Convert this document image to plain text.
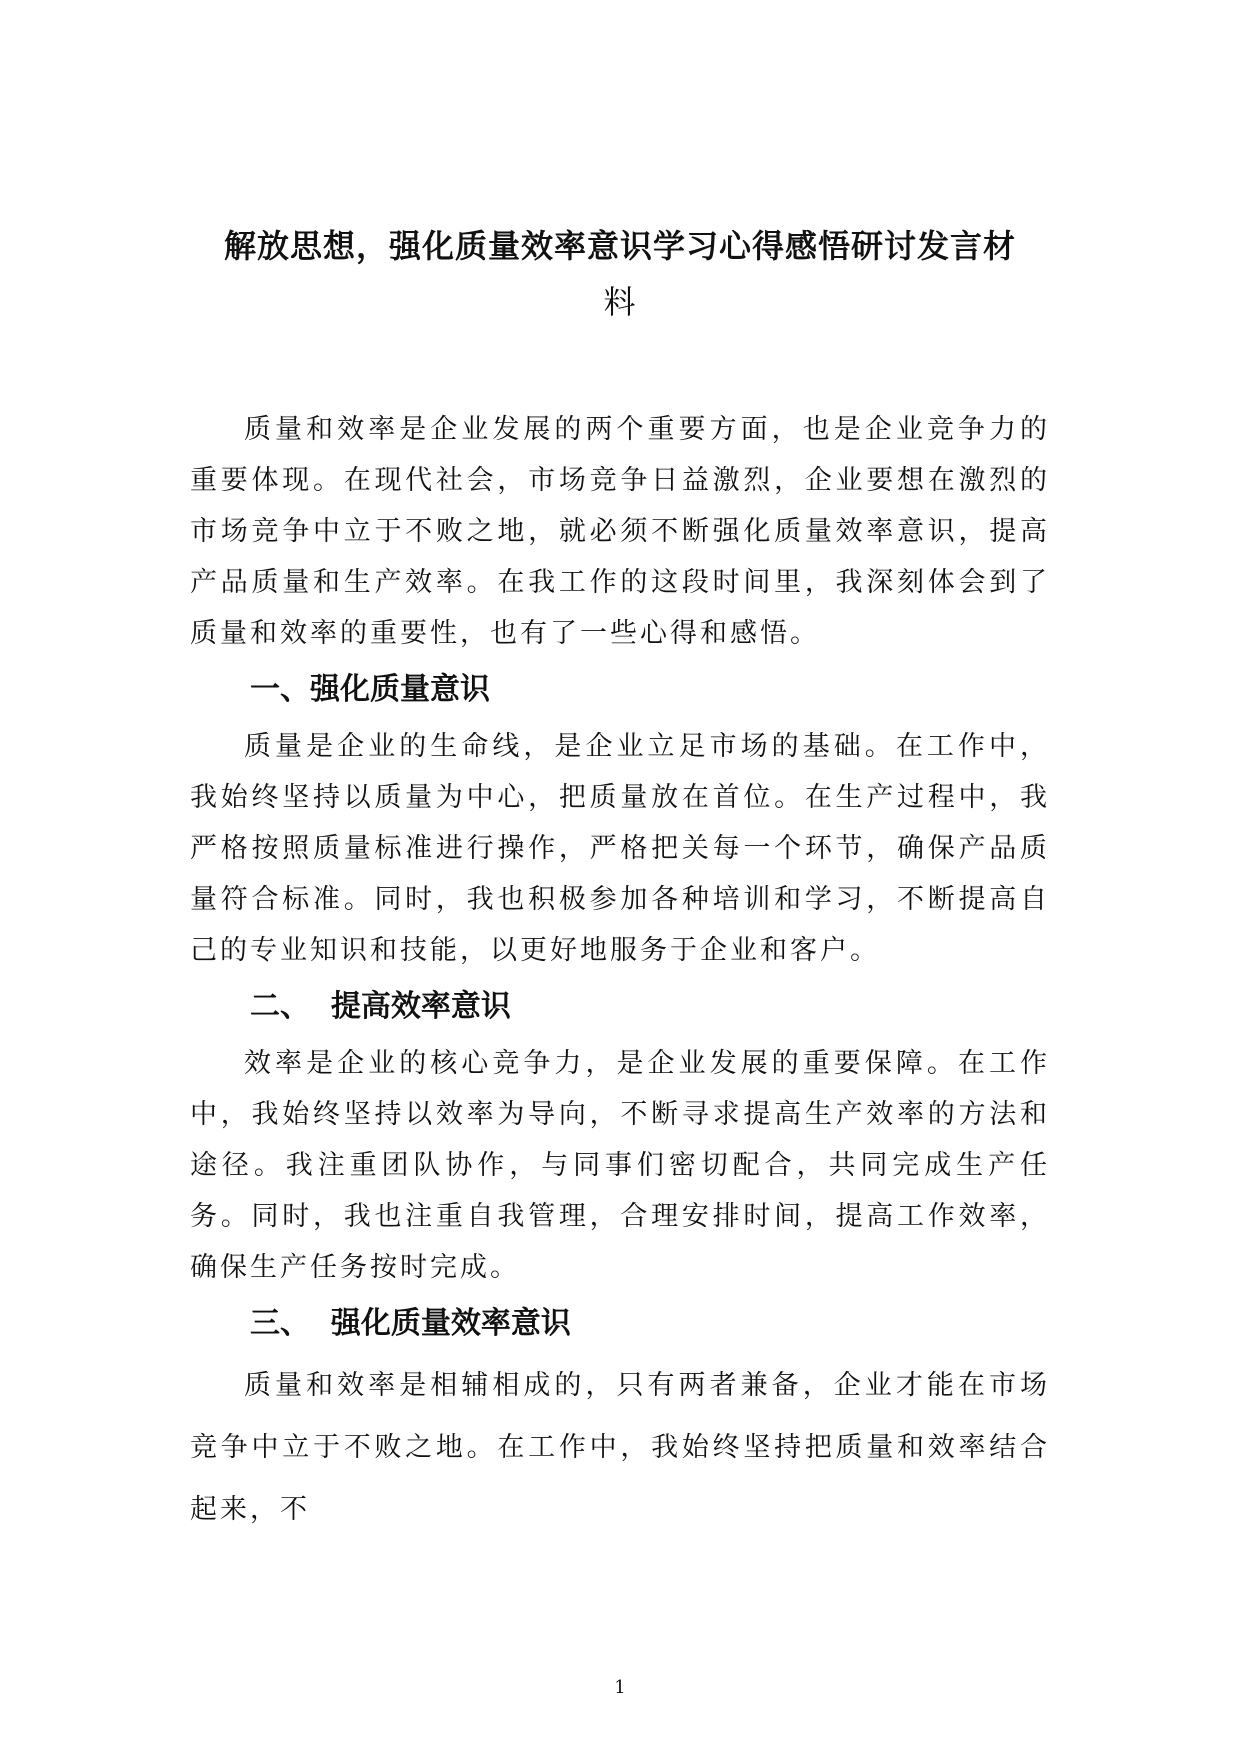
解放思想，强化质量效率意识学习心得感悟研讨发言材
料

质量和效率是企业发展的两个重要方面，也是企业竞争力的重要体现。在现代社会，市场竞争日益激烈，企业要想在激烈的市场竞争中立于不败之地，就必须不断强化质量效率意识，提高产品质量和生产效率。在我工作的这段时间里，我深刻体会到了质量和效率的重要性，也有了一些心得和感悟。

一、强化质量意识

质量是企业的生命线，是企业立足市场的基础。在工作中，我始终坚持以质量为中心，把质量放在首位。在生产过程中，我严格按照质量标准进行操作，严格把关每一个环节，确保产品质量符合标准。同时，我也积极参加各种培训和学习，不断提高自己的专业知识和技能，以更好地服务于企业和客户。

二、  提高效率意识

效率是企业的核心竞争力，是企业发展的重要保障。在工作中，我始终坚持以效率为导向，不断寻求提高生产效率的方法和途径。我注重团队协作，与同事们密切配合，共同完成生产任务。同时，我也注重自我管理，合理安排时间，提高工作效率，确保生产任务按时完成。

三、  强化质量效率意识

质量和效率是相辅相成的，只有两者兼备，企业才能在市场竞争中立于不败之地。在工作中，我始终坚持把质量和效率结合起来，不

1
